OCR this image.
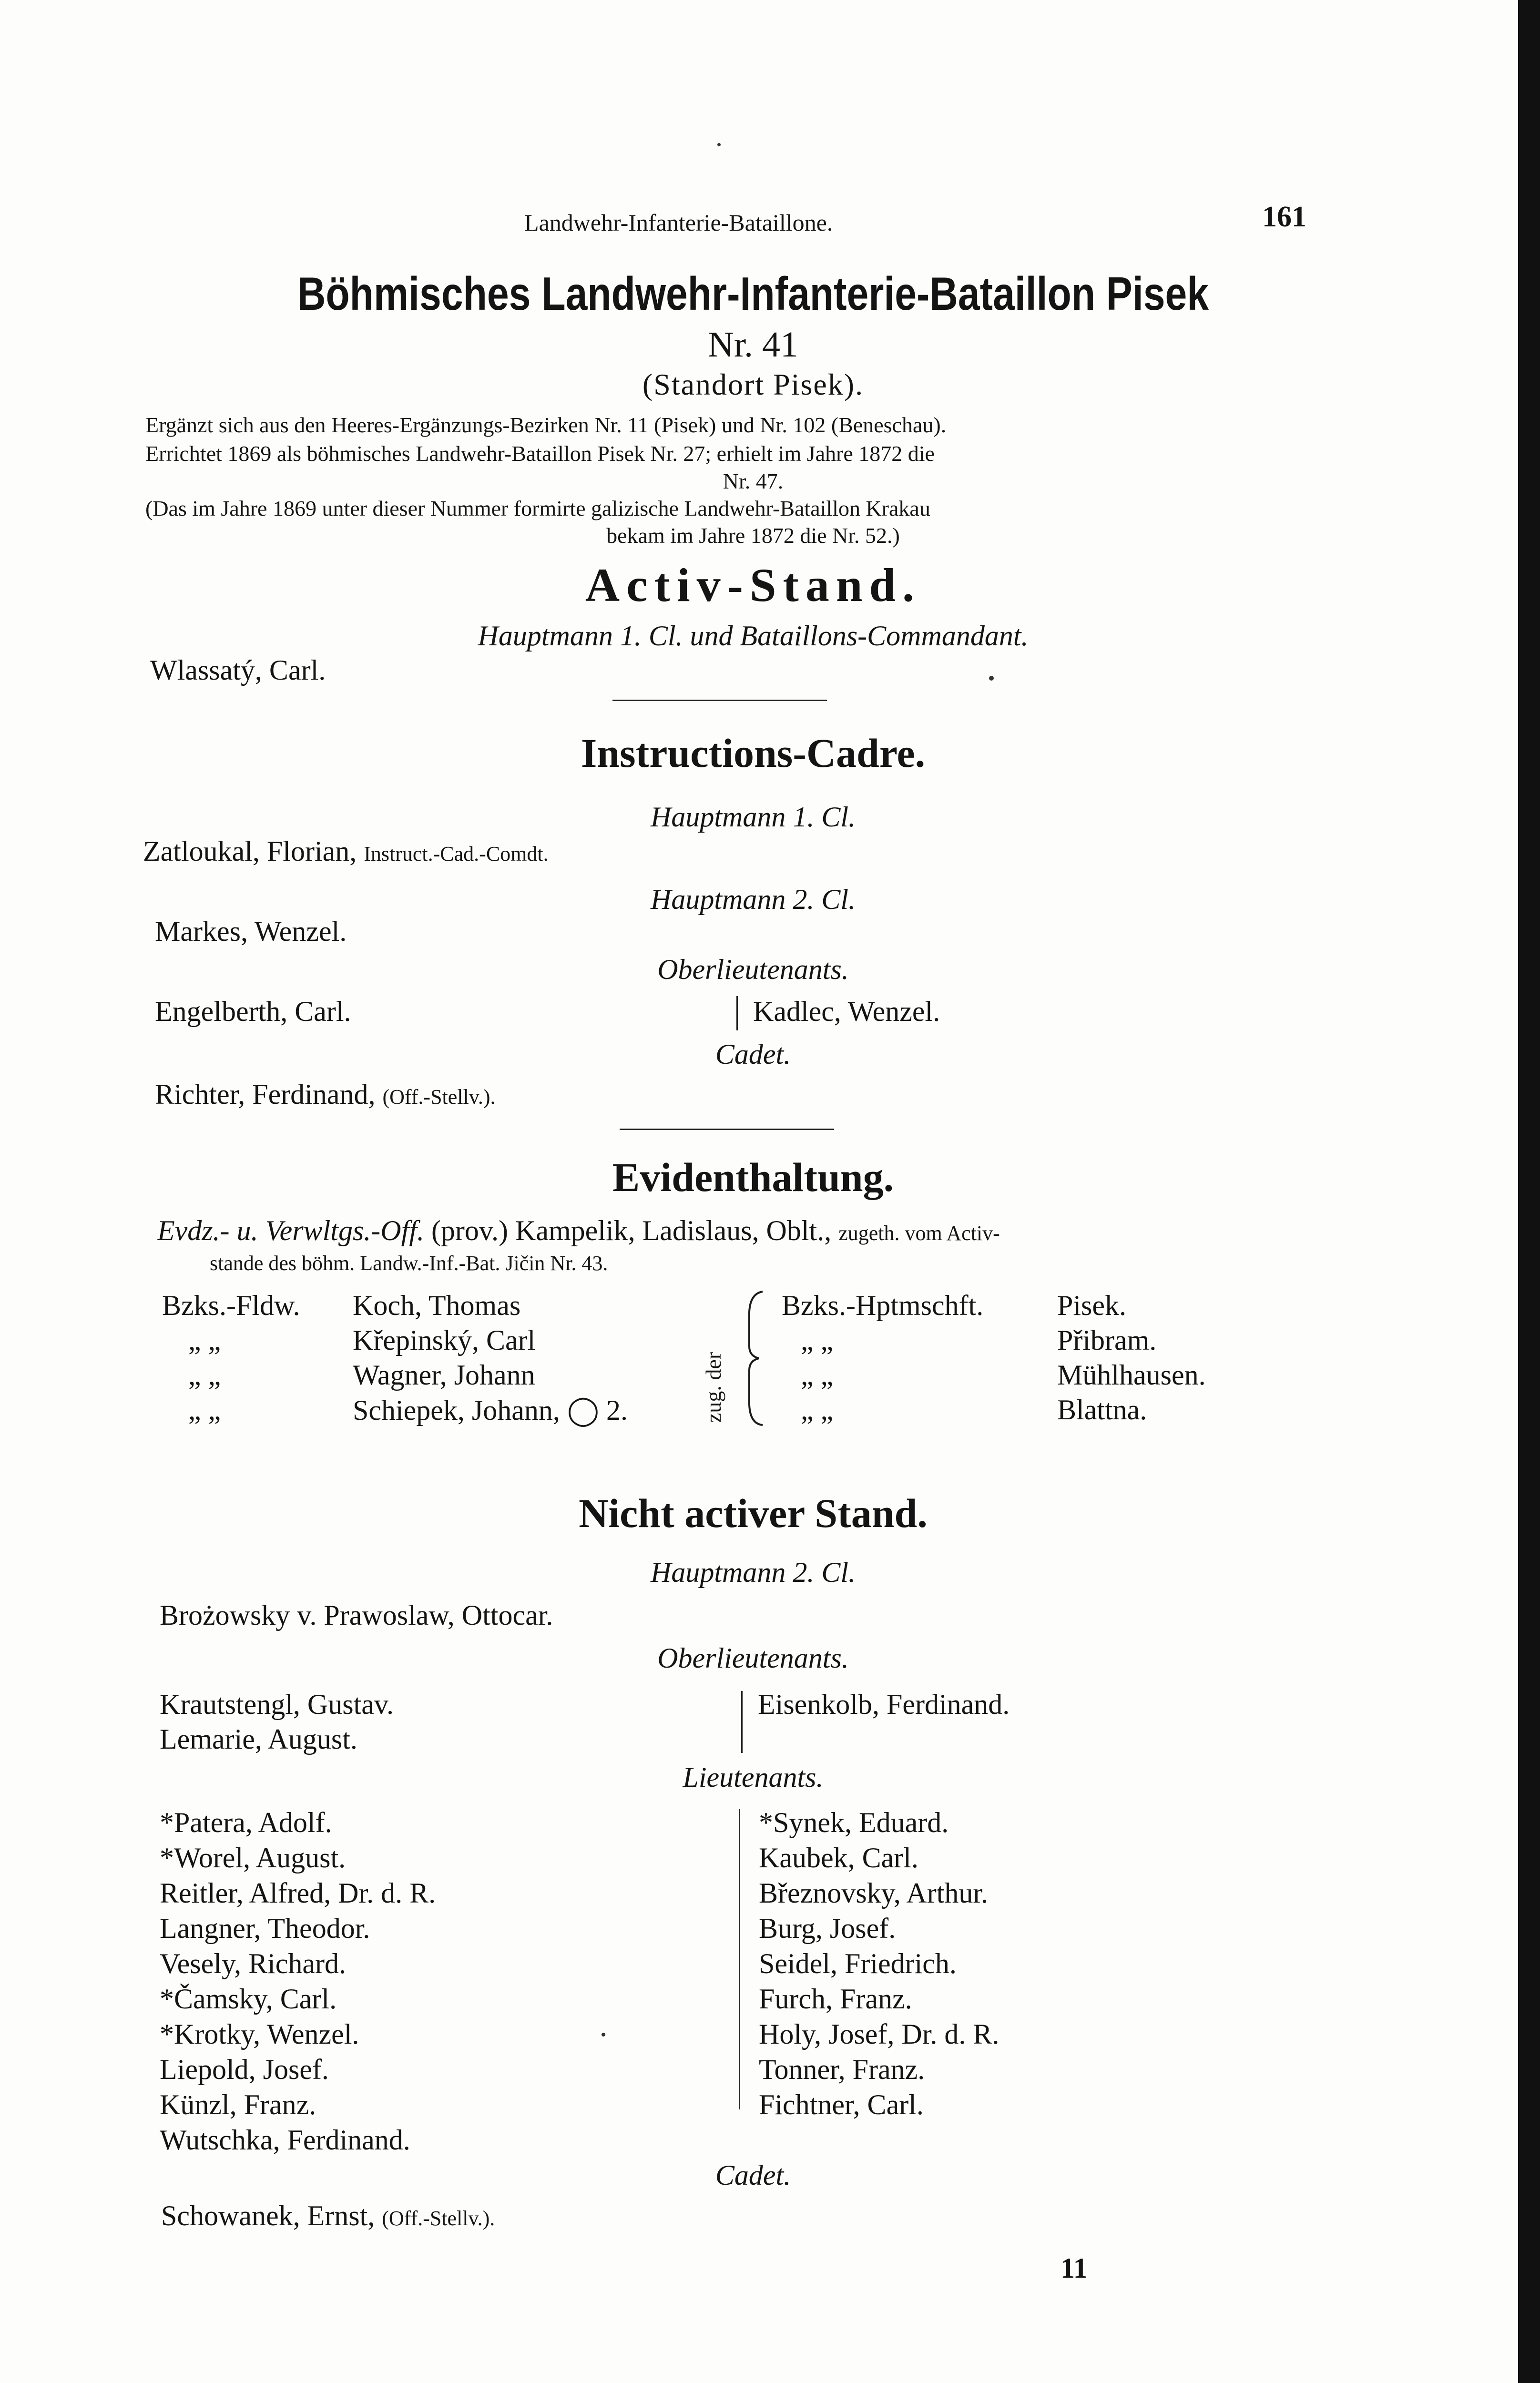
Landwehr-Infanterie-Bataillone.	161
Böhmisches Landwehr-Infanterie-Bataillon Pisek
Nr. 41
(Standort Pisek).
Ergänzt sich aus den Heeres-Ergänzungs-Bezirken Nr. 11 (Pisek) und Nr. 102 (Beneschau).
Errichtet 1869 als böhmisches Landwehr-Bataillon Pisek Nr. 27; erhielt im Jahre 1872 die
Nr. 47.
(Das im Jahre 1869 unter dieser Nummer formirte galizische Landwehr-Bataillon Krakau
bekam im Jahre 1872 die Nr. 52.)
Activ-Stand.
Hauptmann 1. Cl. und Bataillons-Commandant.
Wlassatý, Carl.
Instructions-Cadre.
Hauptmann 1. Cl.
Zatloukal, Florian, Instruct.-Cad.-Comdt.
Hauptmann 2. Cl.
Markes, Wenzel.
Oberlieutenants.
Engelberth, Carl.	Kadlec, Wenzel.
Cadet.
Richter, Ferdinand, (Off.-Stellv.).
Evidenthaltung.
Evdz.- u. Verwltgs.-Off. (prov.) Kampelik, Ladislaus, Oblt., zugeth. vom Activ-
stande des böhm. Landw.-Inf.-Bat. Jičin Nr. 43.
Bzks.-Fldw. Koch, Thomas	Bzks.-Hptmschft.	Pisek.
„ „	Křepinský, Carl	„ „	Přibram.
„ „	Wagner, Johann	„ „	Mühlhausen.
„ „	Schiepek, Johann, ◯ 2.	„ „	Blattna.
zug. der
Nicht activer Stand.
Hauptmann 2. Cl.
Brożowsky v. Prawoslaw, Ottocar.
Oberlieutenants.
Krautstengl, Gustav.
Lemarie, August.
Eisenkolb, Ferdinand.
Lieutenants.
*Patera, Adolf.
*Worel, August.
Reitler, Alfred, Dr. d. R.
Langner, Theodor.
Vesely, Richard.
*Čamsky, Carl.
*Krotky, Wenzel.
Liepold, Josef.
Künzl, Franz.
Wutschka, Ferdinand.
*Synek, Eduard.
Kaubek, Carl.
Březnovsky, Arthur.
Burg, Josef.
Seidel, Friedrich.
Furch, Franz.
Holy, Josef, Dr. d. R.
Tonner, Franz.
Fichtner, Carl.
Cadet.
Schowanek, Ernst, (Off.-Stellv.).
11
